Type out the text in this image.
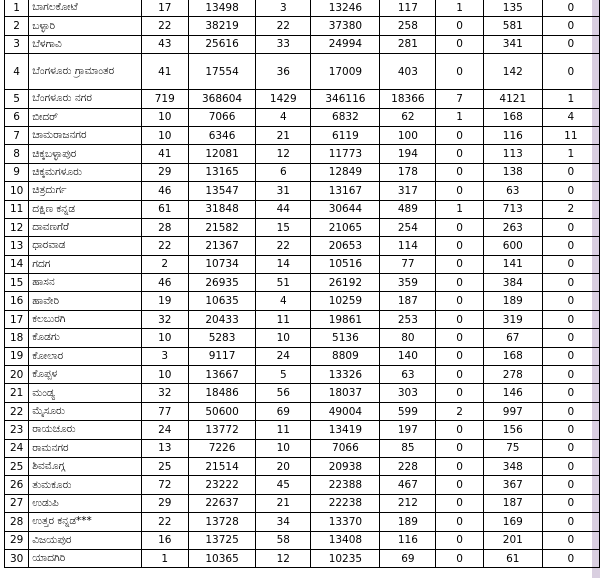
1	ಬಾಗಲಕೋಟೆ	17	13498	3	13246	117	1	135	0
2	ಬಳ್ಳಾರಿ	22	38219	22	37380	258	0	581	0
3	ಬೆಳಗಾವಿ	43	25616	33	24994	281	0	341	0
4	ಬೆಂಗಳೂರು ಗ್ರಾಮಾಂತರ	41	17554	36	17009	403	0	142	0
5	ಬೆಂಗಳೂರು ನಗರ	719	368604	1429	346116	18366	7	4121	1
6	ಬೀದರ್	10	7066	4	6832	62	1	168	4
7	ಚಾಮರಾಜನಗರ	10	6346	21	6119	100	0	116	11
8	ಚಿಕ್ಕಬಳ್ಳಾಪುರ	41	12081	12	11773	194	0	113	1
9	ಚಿಕ್ಕಮಗಳೂರು	29	13165	6	12849	178	0	138	0
10	ಚಿತ್ರದುರ್ಗ	46	13547	31	13167	317	0	63	0
11	ದಕ್ಷಿಣ ಕನ್ನಡ	61	31848	44	30644	489	1	713	2
12	ದಾವಣಗೆರೆ	28	21582	15	21065	254	0	263	0
13	ಧಾರವಾಡ	22	21367	22	20653	114	0	600	0
14	ಗದಗ	2	10734	14	10516	77	0	141	0
15	ಹಾಸನ	46	26935	51	26192	359	0	384	0
16	ಹಾವೇರಿ	19	10635	4	10259	187	0	189	0
17	ಕಲಬುರಗಿ	32	20433	11	19861	253	0	319	0
18	ಕೊಡಗು	10	5283	10	5136	80	0	67	0
19	ಕೋಲಾರ	3	9117	24	8809	140	0	168	0
20	ಕೊಪ್ಪಳ	10	13667	5	13326	63	0	278	0
21	ಮಂಡ್ಯ	32	18486	56	18037	303	0	146	0
22	ಮೈಸೂರು	77	50600	69	49004	599	2	997	0
23	ರಾಯಚೂರು	24	13772	11	13419	197	0	156	0
24	ರಾಮನಗರ	13	7226	10	7066	85	0	75	0
25	ಶಿವಮೊಗ್ಗ	25	21514	20	20938	228	0	348	0
26	ತುಮಕೂರು	72	23222	45	22388	467	0	367	0
27	ಉಡುಪಿ	29	22637	21	22238	212	0	187	0
28	ಉತ್ತರ ಕನ್ನಡ***	22	13728	34	13370	189	0	169	0
29	ವಿಜಯಪುರ	16	13725	58	13408	116	0	201	0
30	ಯಾದಗಿರಿ	1	10365	12	10235	69	0	61	0
